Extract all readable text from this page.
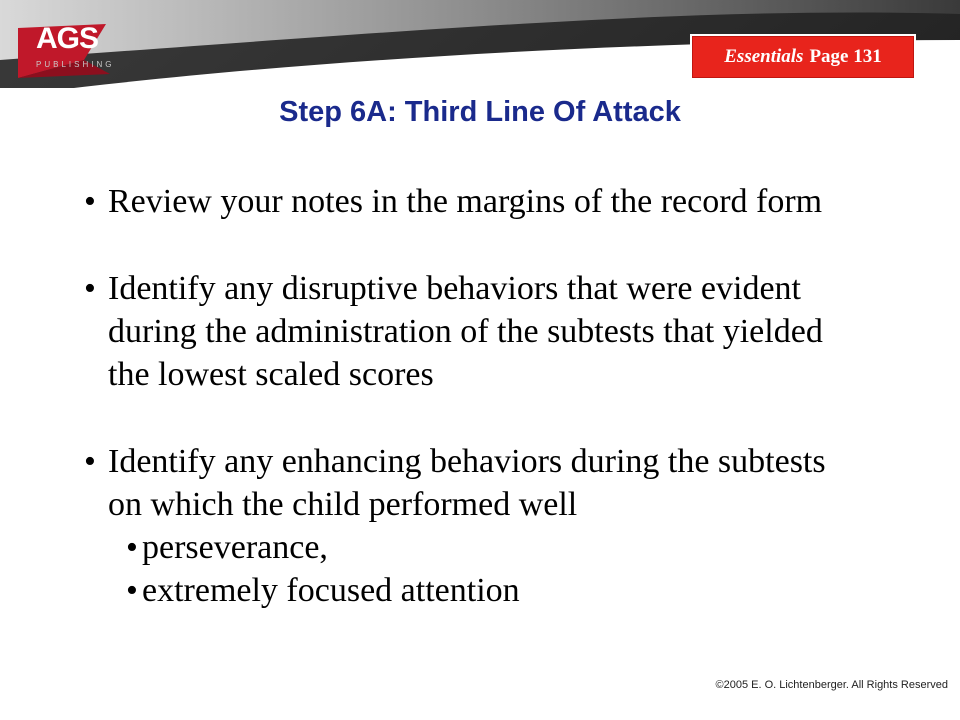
AGS
PUBLISHING	Essentials Page 131
Step 6A: Third Line Of Attack

• Review your notes in the margins of the record form

• Identify any disruptive behaviors that were evident during the administration of the subtests that yielded the lowest scaled scores

• Identify any enhancing behaviors during the subtests on which the child performed well

• perseverance,

• extremely focused attention

©2005 E. O. Lichtenberger. All Rights Reserved
